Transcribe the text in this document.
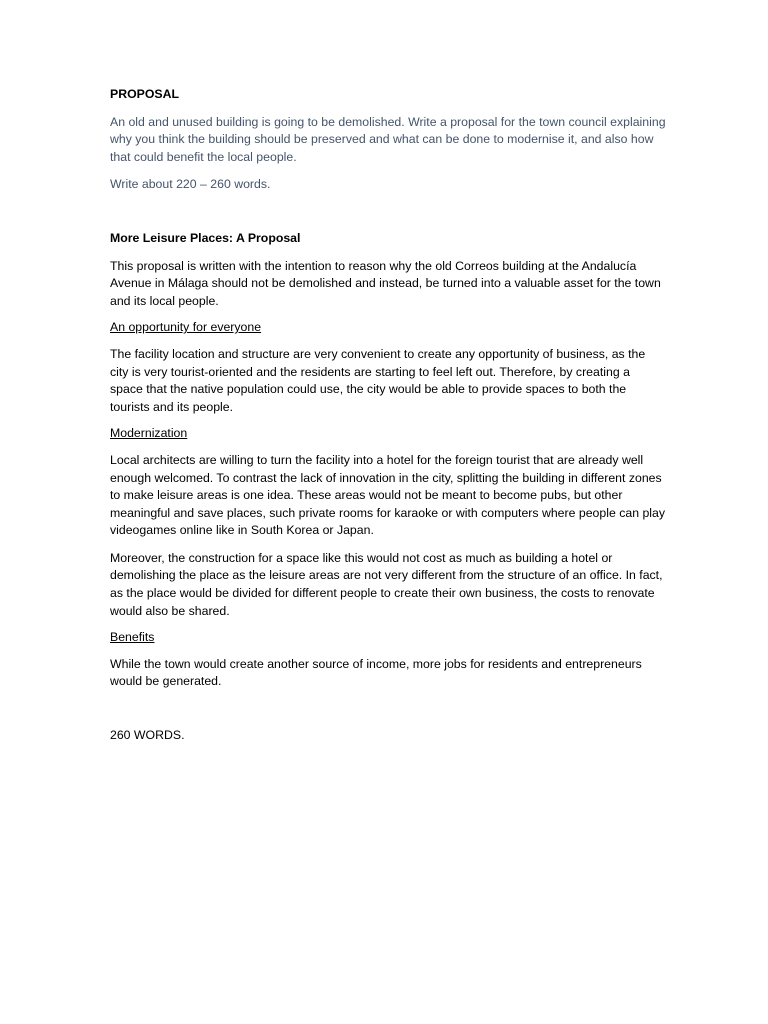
PROPOSAL

An old and unused building is going to be demolished. Write a proposal for the town council explaining why you think the building should be preserved and what can be done to modernise it, and also how that could benefit the local people.

Write about 220 – 260 words.

More Leisure Places: A Proposal

This proposal is written with the intention to reason why the old Correos building at the Andalucía Avenue in Málaga should not be demolished and instead, be turned into a valuable asset for the town and its local people.

An opportunity for everyone

The facility location and structure are very convenient to create any opportunity of business, as the city is very tourist-oriented and the residents are starting to feel left out. Therefore, by creating a space that the native population could use, the city would be able to provide spaces to both the tourists and its people.

Modernization

Local architects are willing to turn the facility into a hotel for the foreign tourist that are already well enough welcomed. To contrast the lack of innovation in the city, splitting the building in different zones to make leisure areas is one idea. These areas would not be meant to become pubs, but other meaningful and save places, such private rooms for karaoke or with computers where people can play videogames online like in South Korea or Japan.

Moreover, the construction for a space like this would not cost as much as building a hotel or demolishing the place as the leisure areas are not very different from the structure of an office. In fact, as the place would be divided for different people to create their own business, the costs to renovate would also be shared.

Benefits

While the town would create another source of income, more jobs for residents and entrepreneurs would be generated.

260 WORDS.
